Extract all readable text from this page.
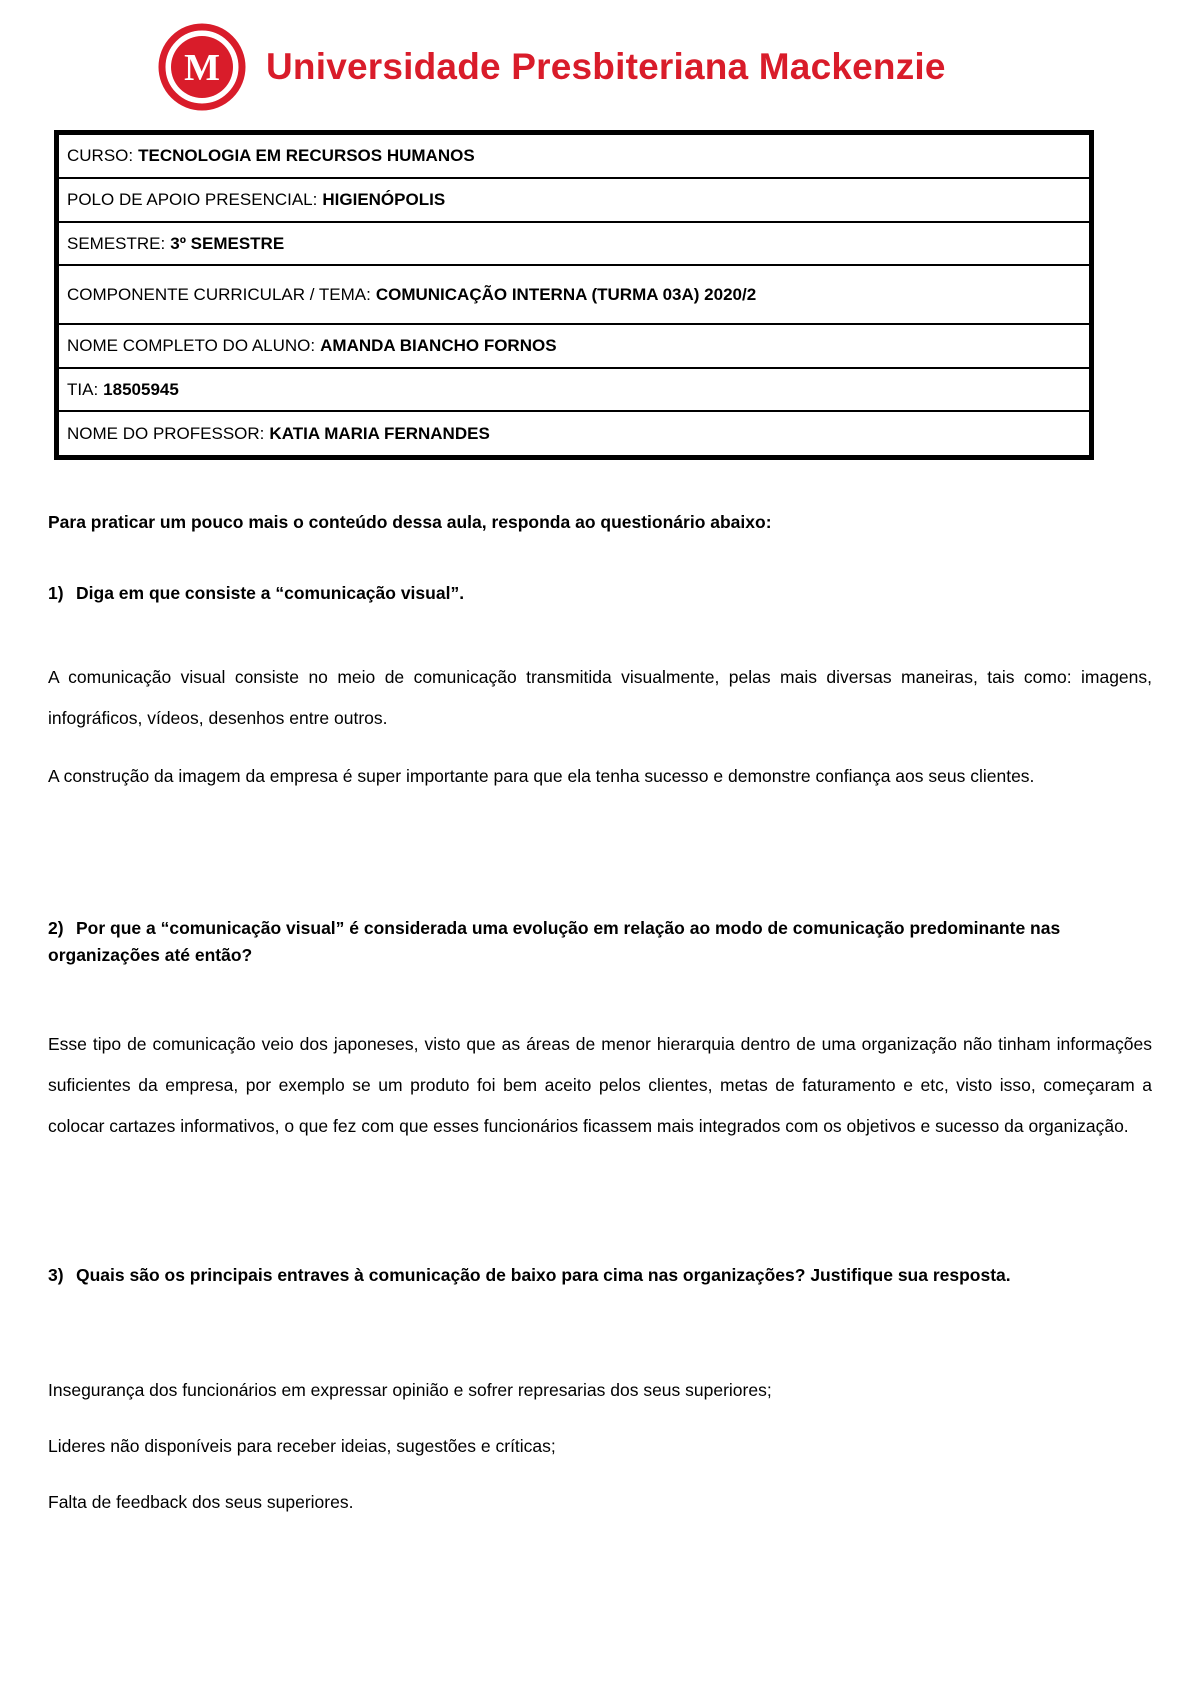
M Universidade Presbiteriana Mackenzie
CURSO: TECNOLOGIA EM RECURSOS HUMANOS
POLO DE APOIO PRESENCIAL: HIGIENÓPOLIS
SEMESTRE: 3º SEMESTRE
COMPONENTE CURRICULAR / TEMA: COMUNICAÇÃO INTERNA (TURMA 03A) 2020/2
NOME COMPLETO DO ALUNO: AMANDA BIANCHO FORNOS
TIA: 18505945
NOME DO PROFESSOR: KATIA MARIA FERNANDES
Para praticar um pouco mais o conteúdo dessa aula, responda ao questionário abaixo:
1) Diga em que consiste a “comunicação visual”.
A comunicação visual consiste no meio de comunicação transmitida visualmente, pelas mais diversas maneiras, tais como: imagens, infográficos, vídeos, desenhos entre outros.
A construção da imagem da empresa é super importante para que ela tenha sucesso e demonstre confiança aos seus clientes.
2) Por que a “comunicação visual” é considerada uma evolução em relação ao modo de comunicação predominante nas organizações até então?
Esse tipo de comunicação veio dos japoneses, visto que as áreas de menor hierarquia dentro de uma organização não tinham informações suficientes da empresa, por exemplo se um produto foi bem aceito pelos clientes, metas de faturamento e etc, visto isso, começaram a colocar cartazes informativos, o que fez com que esses funcionários ficassem mais integrados com os objetivos e sucesso da organização.
3) Quais são os principais entraves à comunicação de baixo para cima nas organizações? Justifique sua resposta.
Insegurança dos funcionários em expressar opinião e sofrer represarias dos seus superiores;
Lideres não disponíveis para receber ideias, sugestões e críticas;
Falta de feedback dos seus superiores.
